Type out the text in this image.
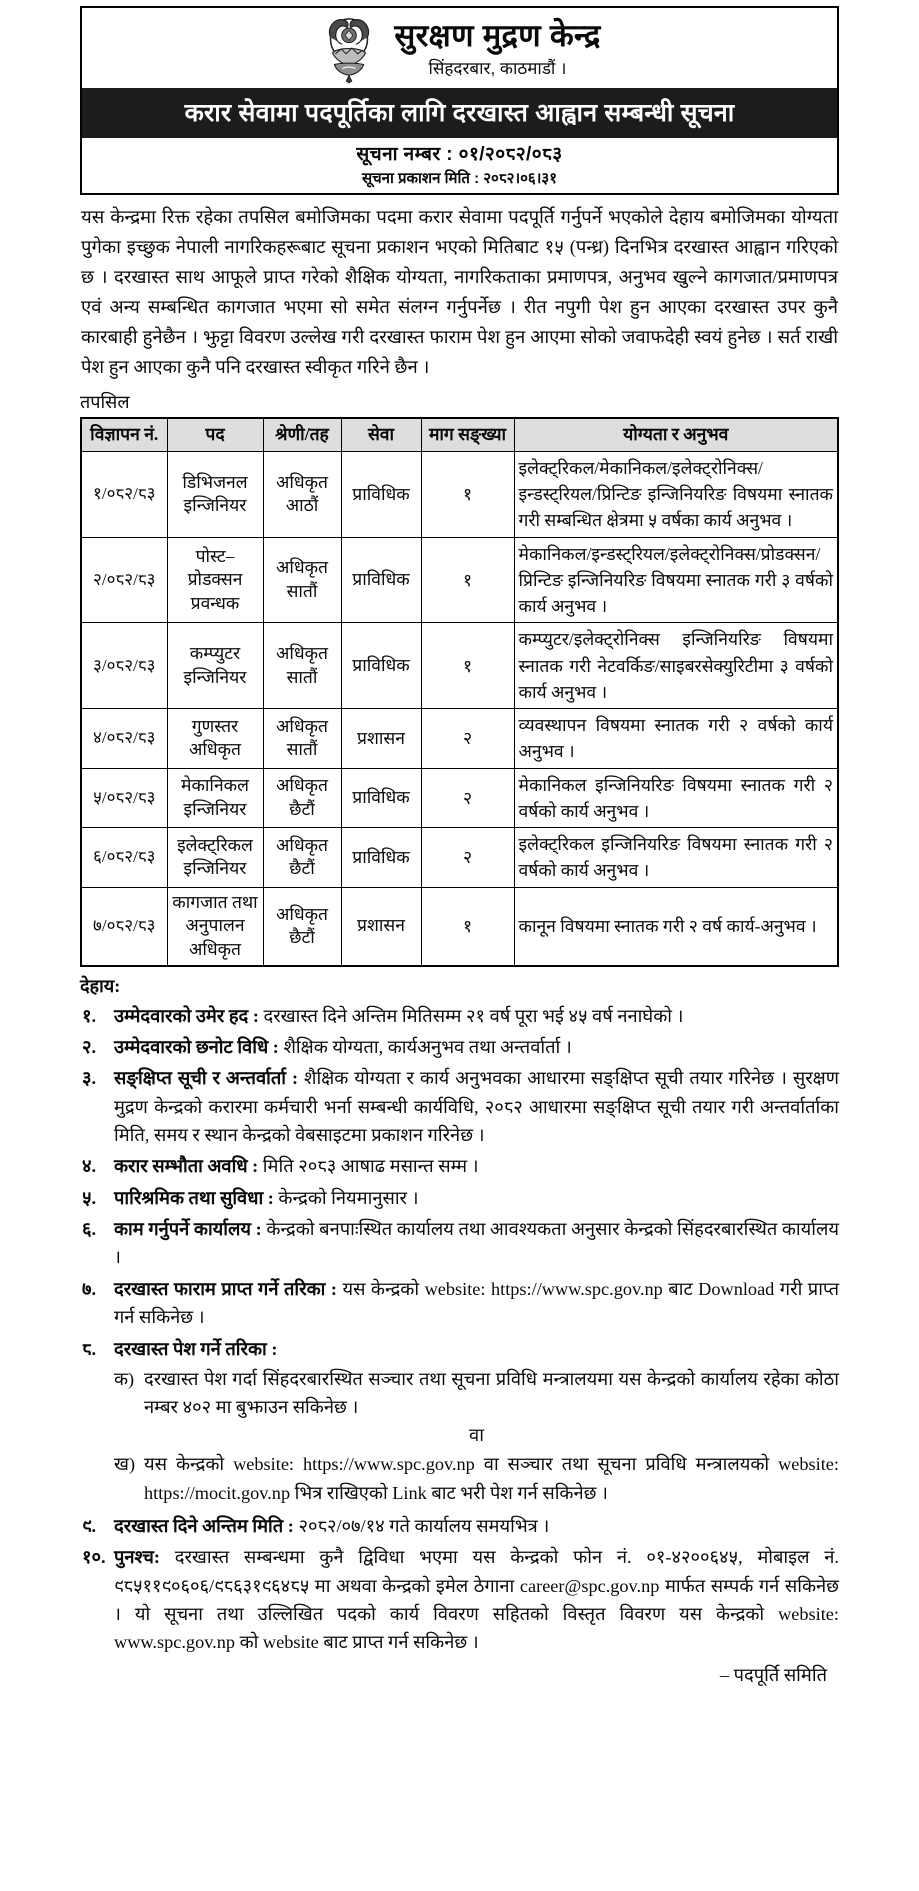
सुरक्षण मुद्रण केन्द्र
सिंहदरबार, काठमाडौं ।
करार सेवामा पदपूर्तिका लागि दरखास्त आह्वान सम्बन्धी सूचना
सूचना नम्बर : ०१/२०८२/०८३
सूचना प्रकाशन मिति : २०८२।०६।३१

यस केन्द्रमा रिक्त रहेका तपसिल बमोजिमका पदमा करार सेवामा पदपूर्ति गर्नुपर्ने भएकोले देहाय बमोजिमका योग्यता पुगेका इच्छुक नेपाली नागरिकहरूबाट सूचना प्रकाशन भएको मितिबाट १५ (पन्ध्र) दिनभित्र दरखास्त आह्वान गरिएको छ । दरखास्त साथ आफूले प्राप्त गरेको शैक्षिक योग्यता, नागरिकताका प्रमाणपत्र, अनुभव खुल्ने कागजात/प्रमाणपत्र एवं अन्य सम्बन्धित कागजात भएमा सो समेत संलग्न गर्नुपर्नेछ । रीत नपुगी पेश हुन आएका दरखास्त उपर कुनै कारबाही हुनेछैन । झुट्टा विवरण उल्लेख गरी दरखास्त फाराम पेश हुन आएमा सोको जवाफदेही स्वयं हुनेछ । सर्त राखी पेश हुन आएका कुनै पनि दरखास्त स्वीकृत गरिने छैन ।

तपसिल
विज्ञापन नं.	पद	श्रेणी/तह	सेवा	माग सङ्ख्या	योग्यता र अनुभव
१/०८२/८३	डिभिजनल इन्जिनियर	अधिकृत आठौं	प्राविधिक	१	इलेक्ट्रिकल/मेकानिकल/इलेक्ट्रोनिक्स/इन्डस्ट्रियल/प्रिन्टिङ इन्जिनियरिङ विषयमा स्नातक गरी सम्बन्धित क्षेत्रमा ५ वर्षका कार्य अनुभव ।
२/०८२/८३	पोस्ट–प्रोडक्सन प्रवन्धक	अधिकृत सातौं	प्राविधिक	१	मेकानिकल/इन्डस्ट्रियल/इलेक्ट्रोनिक्स/प्रोडक्सन/प्रिन्टिङ इन्जिनियरिङ विषयमा स्नातक गरी ३ वर्षको कार्य अनुभव ।
३/०८२/८३	कम्प्युटर इन्जिनियर	अधिकृत सातौं	प्राविधिक	१	कम्प्युटर/इलेक्ट्रोनिक्स इन्जिनियरिङ विषयमा स्नातक गरी नेटवर्किङ/साइबरसेक्युरिटीमा ३ वर्षको कार्य अनुभव ।
४/०८२/८३	गुणस्तर अधिकृत	अधिकृत सातौं	प्रशासन	२	व्यवस्थापन विषयमा स्नातक गरी २ वर्षको कार्य अनुभव ।
५/०८२/८३	मेकानिकल इन्जिनियर	अधिकृत छैटौं	प्राविधिक	२	मेकानिकल इन्जिनियरिङ विषयमा स्नातक गरी २ वर्षको कार्य अनुभव ।
६/०८२/८३	इलेक्ट्रिकल इन्जिनियर	अधिकृत छैटौं	प्राविधिक	२	इलेक्ट्रिकल इन्जिनियरिङ विषयमा स्नातक गरी २ वर्षको कार्य अनुभव ।
७/०८२/८३	कागजात तथा अनुपालन अधिकृत	अधिकृत छैटौं	प्रशासन	१	कानून विषयमा स्नातक गरी २ वर्ष कार्य-अनुभव ।
देहाय:
१. उम्मेदवारको उमेर हद : दरखास्त दिने अन्तिम मितिसम्म २१ वर्ष पूरा भई ४५ वर्ष ननाघेको ।
२. उम्मेदवारको छनोट विधि : शैक्षिक योग्यता, कार्यअनुभव तथा अन्तर्वार्ता ।
३. सङ्क्षिप्त सूची र अन्तर्वार्ता : शैक्षिक योग्यता र कार्य अनुभवका आधारमा सङ्क्षिप्त सूची तयार गरिनेछ । सुरक्षण मुद्रण केन्द्रको करारमा कर्मचारी भर्ना सम्बन्धी कार्यविधि, २०८२ आधारमा सङ्क्षिप्त सूची तयार गरी अन्तर्वार्ताका मिति, समय र स्थान केन्द्रको वेबसाइटमा प्रकाशन गरिनेछ ।
४. करार सम्भौता अवधि : मिति २०८३ आषाढ मसान्त सम्म ।
५. पारिश्रमिक तथा सुविधा : केन्द्रको नियमानुसार ।
६. काम गर्नुपर्ने कार्यालय : केन्द्रको बनपाःस्थित कार्यालय तथा आवश्यकता अनुसार केन्द्रको सिंहदरबारस्थित कार्यालय ।
७. दरखास्त फाराम प्राप्त गर्ने तरिका : यस केन्द्रको website: https://www.spc.gov.np बाट Download गरी प्राप्त गर्न सकिनेछ ।
८. दरखास्त पेश गर्ने तरिका :
क) दरखास्त पेश गर्दा सिंहदरबारस्थित सञ्चार तथा सूचना प्रविधि मन्त्रालयमा यस केन्द्रको कार्यालय रहेका कोठा नम्बर ४०२ मा बुझाउन सकिनेछ ।
वा
ख) यस केन्द्रको website: https://www.spc.gov.np वा सञ्चार तथा सूचना प्रविधि मन्त्रालयको website: https://mocit.gov.np भित्र राखिएको Link बाट भरी पेश गर्न सकिनेछ ।
९. दरखास्त दिने अन्तिम मिति : २०८२/०७/१४ गते कार्यालय समयभित्र ।
१०. पुनश्च: दरखास्त सम्बन्धमा कुनै द्विविधा भएमा यस केन्द्रको फोन नं. ०१-४२००६४५, मोबाइल नं. ९८५११९०६०६/९८६३१९६४८५ मा अथवा केन्द्रको इमेल ठेगाना career@spc.gov.np मार्फत सम्पर्क गर्न सकिनेछ । यो सूचना तथा उल्लिखित पदको कार्य विवरण सहितको विस्तृत विवरण यस केन्द्रको website: www.spc.gov.np को website बाट प्राप्त गर्न सकिनेछ ।
– पदपूर्ति समिति
